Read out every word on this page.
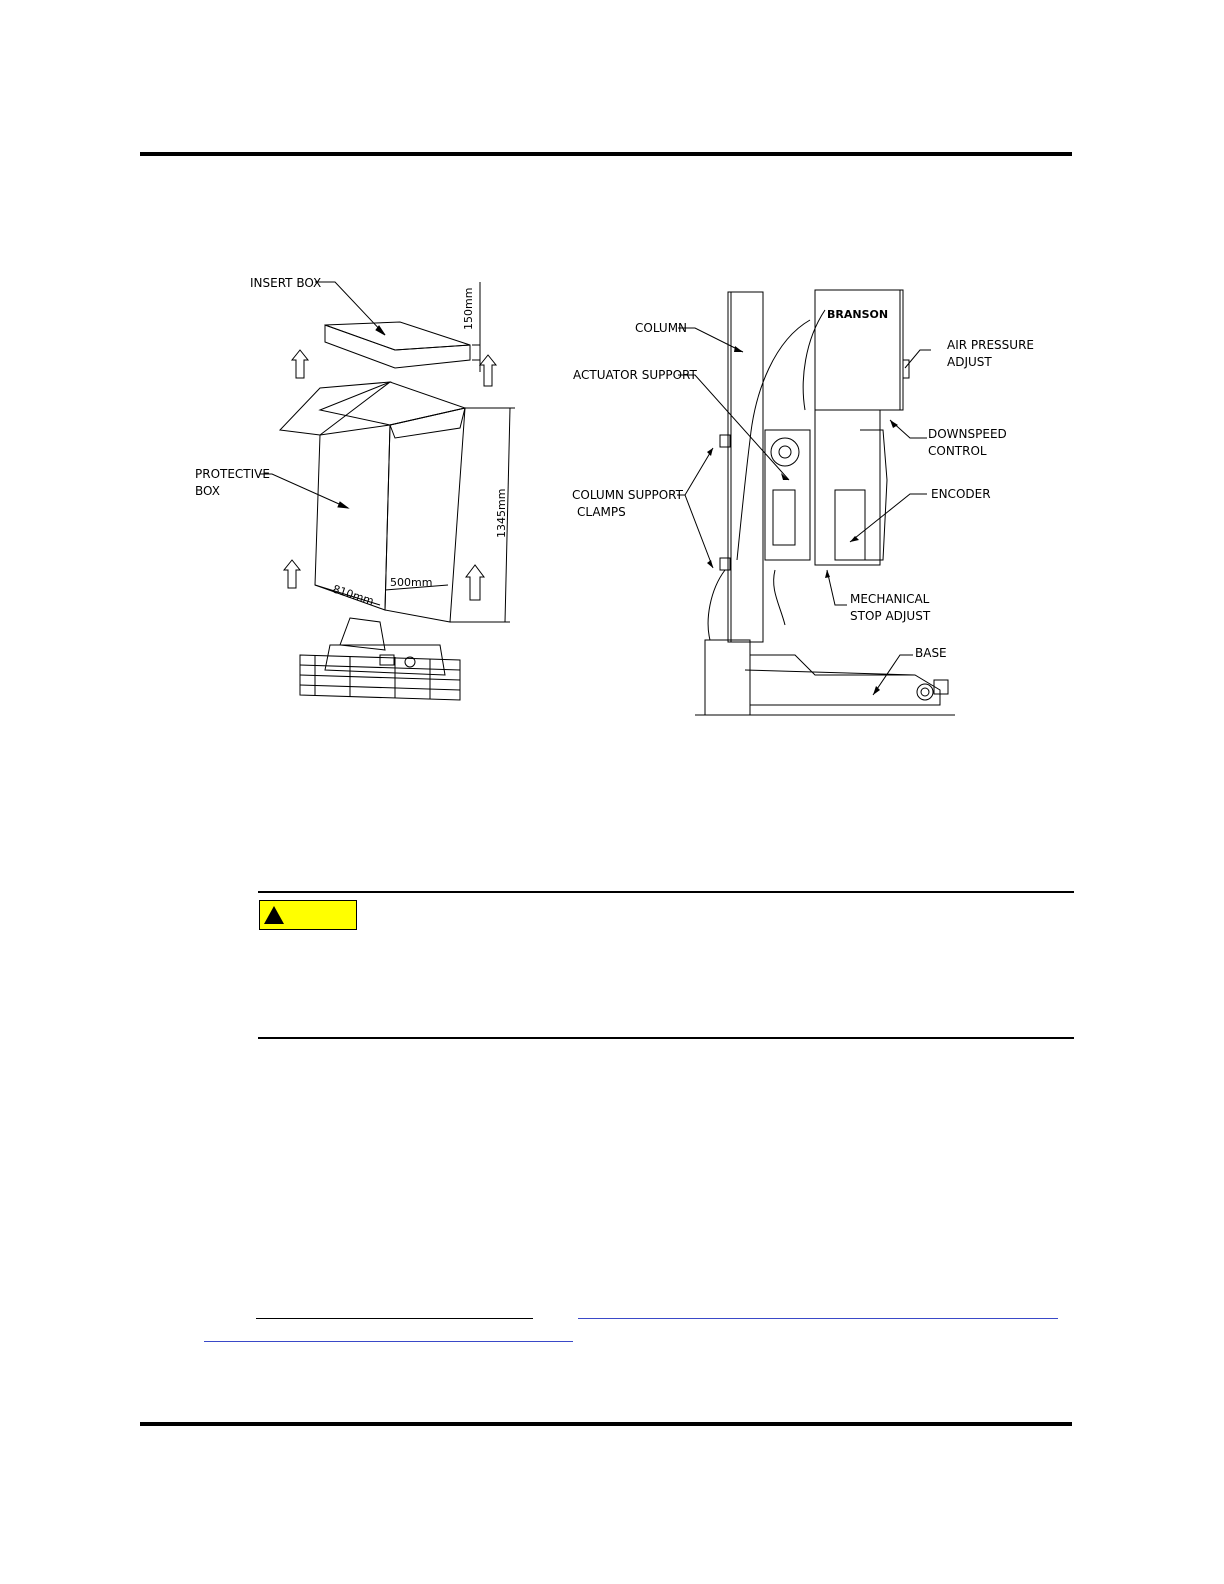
INSERT BOX
PROTECTIVE
BOX
150mm
1345mm
810mm 500mm
BRANSON
COLUMN
ACTUATOR SUPPORT
COLUMN SUPPORT
CLAMPS
AIR PRESSURE
ADJUST
DOWNSPEED
CONTROL
ENCODER
MECHANICAL
STOP ADJUST
BASE
